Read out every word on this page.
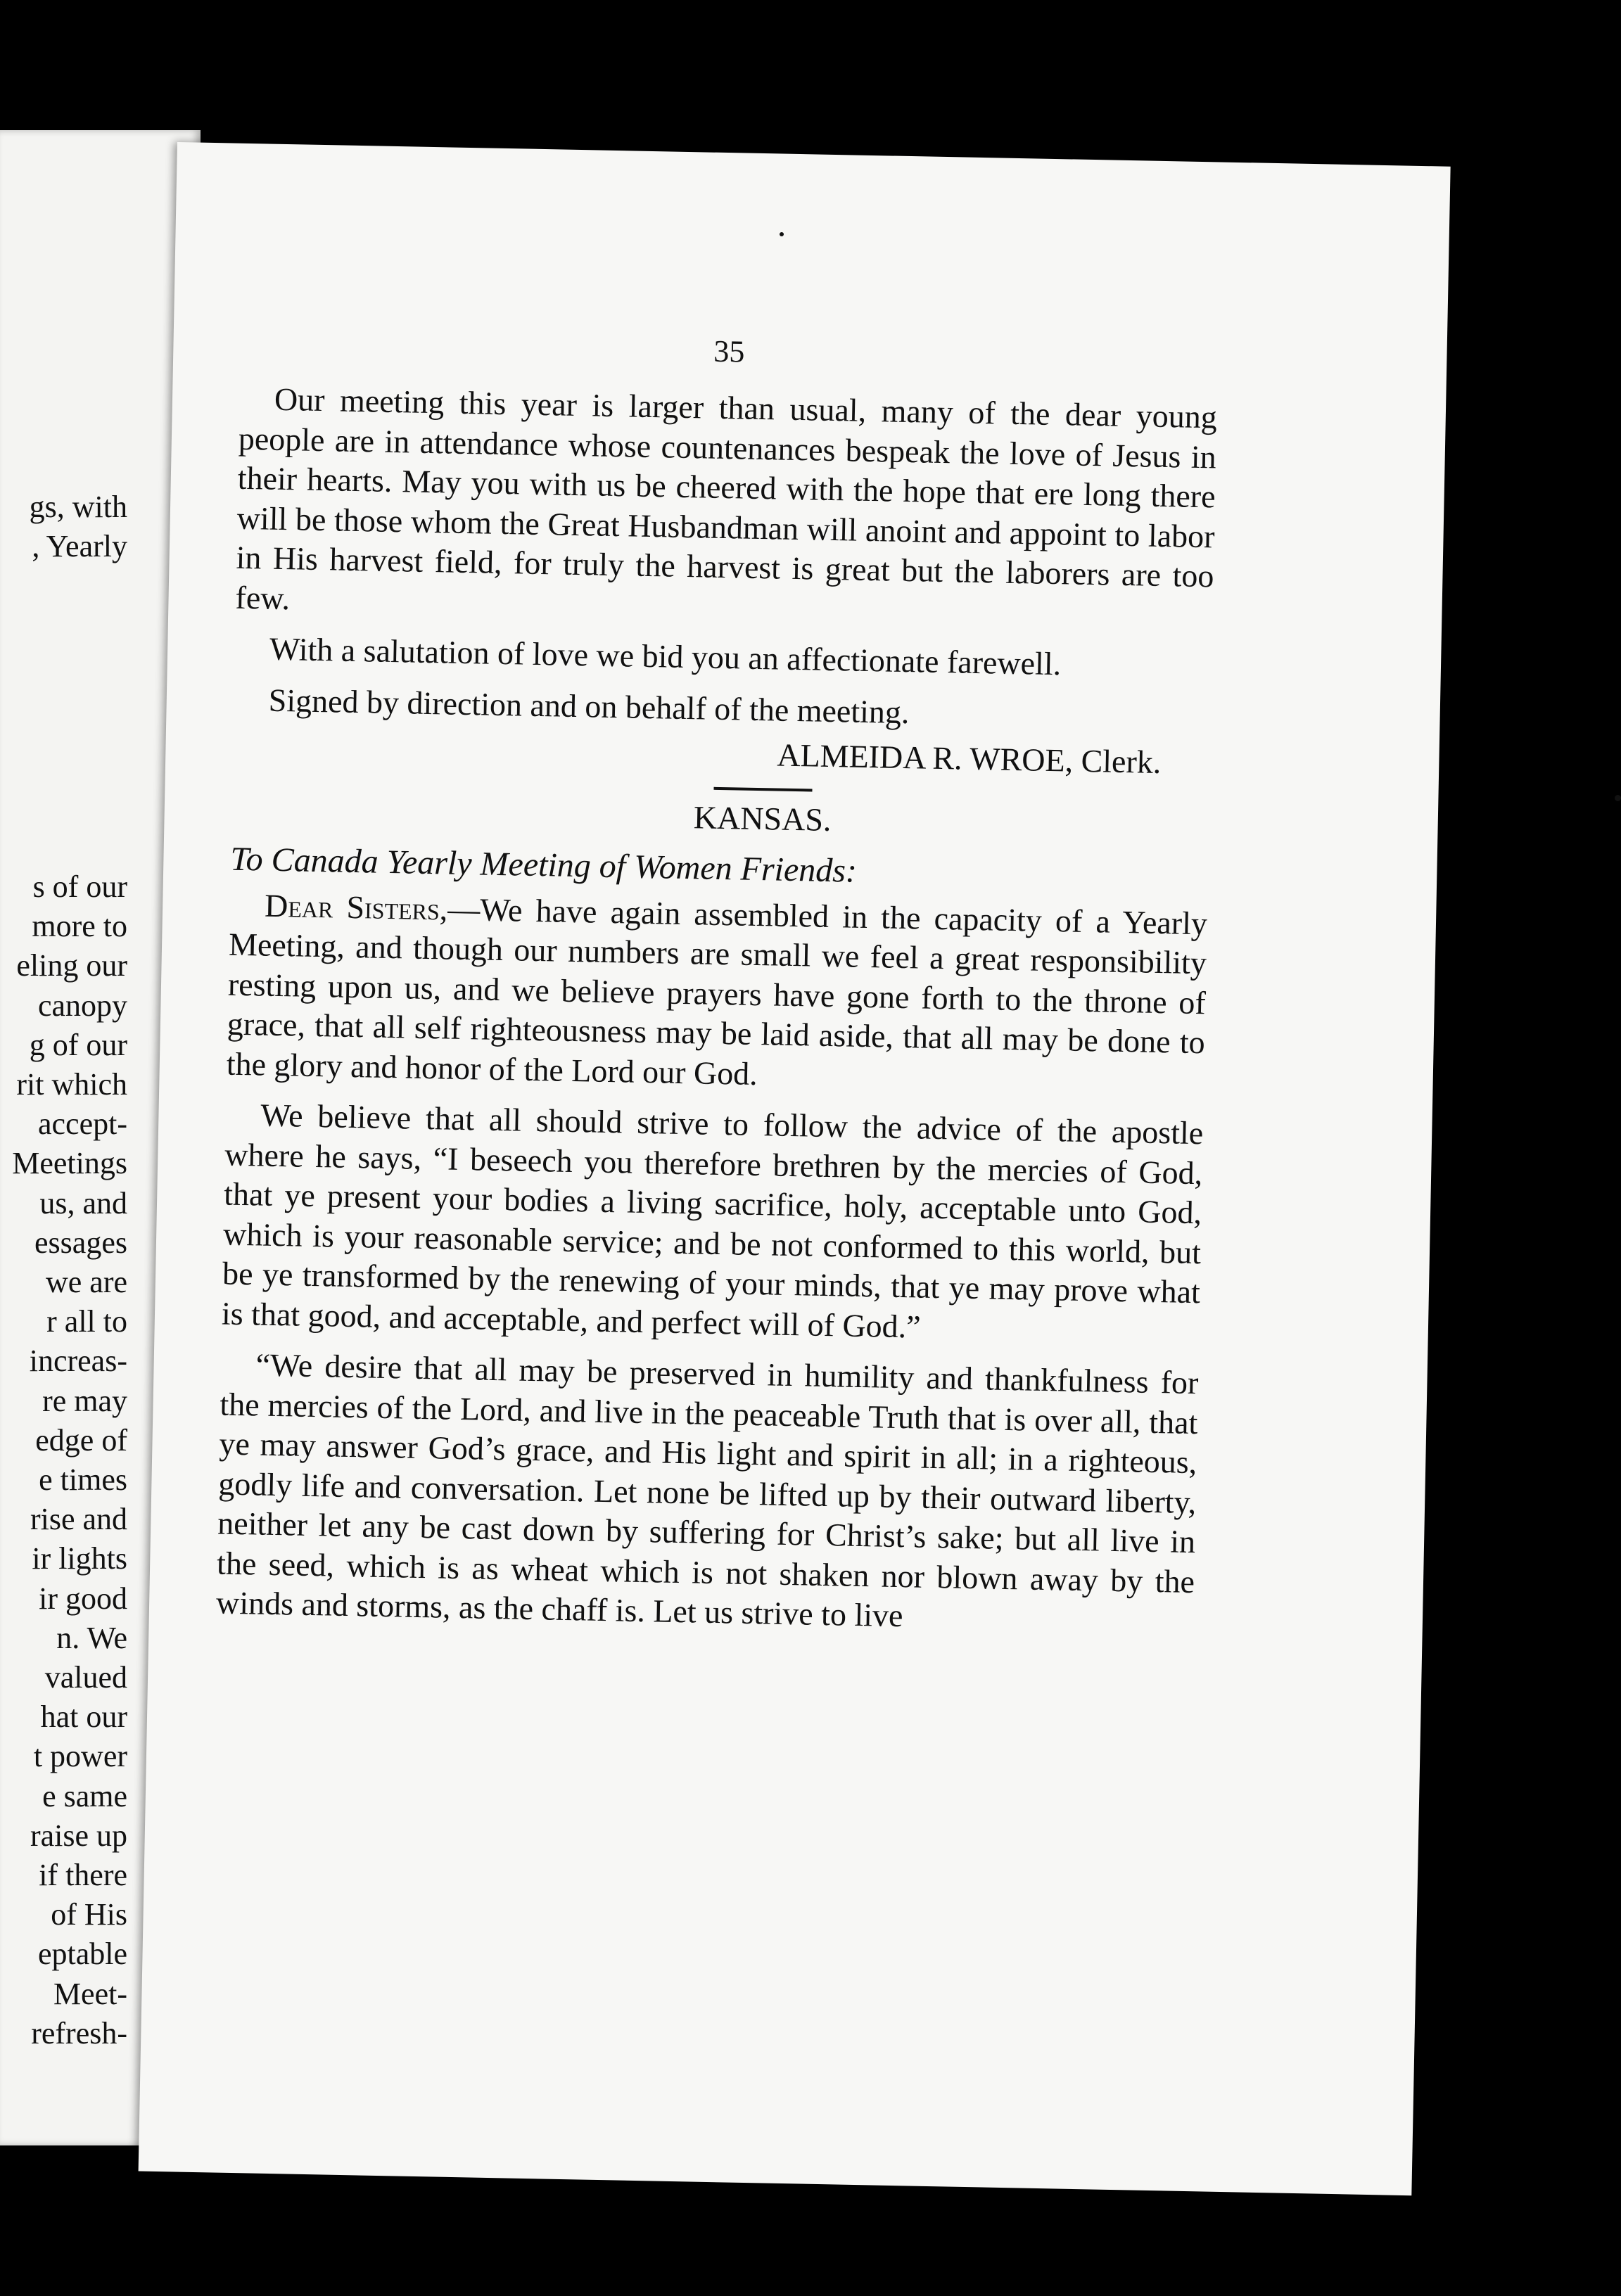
gs, with
, Yearly
s of our
more to
eling our
canopy
g of our
rit which
accept-
Meetings
us, and
essages
we are
r all to
increas-
re may
edge of
e times
rise and
ir lights
ir good
n. We
valued
hat our
t power
e same
raise up
if there
of His
eptable
Meet-
refresh-
35

Our meeting this year is larger than usual, many of the dear young people are in attendance whose countenances bespeak the love of Jesus in their hearts. May you with us be cheered with the hope that ere long there will be those whom the Great Husbandman will anoint and appoint to labor in His harvest field, for truly the harvest is great but the laborers are too few.

With a salutation of love we bid you an affectionate farewell.

Signed by direction and on behalf of the meeting.

ALMEIDA R. WROE, Clerk.

KANSAS.

To Canada Yearly Meeting of Women Friends:

Dear Sisters,—We have again assembled in the capacity of a Yearly Meeting, and though our numbers are small we feel a great responsibility resting upon us, and we believe prayers have gone forth to the throne of grace, that all self righteousness may be laid aside, that all may be done to the glory and honor of the Lord our God.

We believe that all should strive to follow the advice of the apostle where he says, “I beseech you therefore brethren by the mercies of God, that ye present your bodies a living sacrifice, holy, acceptable unto God, which is your reasonable service; and be not conformed to this world, but be ye transformed by the renewing of your minds, that ye may prove what is that good, and acceptable, and perfect will of God.”

“We desire that all may be preserved in humility and thankfulness for the mercies of the Lord, and live in the peaceable Truth that is over all, that ye may answer God’s grace, and His light and spirit in all; in a righteous, godly life and conversation. Let none be lifted up by their outward liberty, neither let any be cast down by suffering for Christ’s sake; but all live in the seed, which is as wheat which is not shaken nor blown away by the winds and storms, as the chaff is. Let us strive to live
